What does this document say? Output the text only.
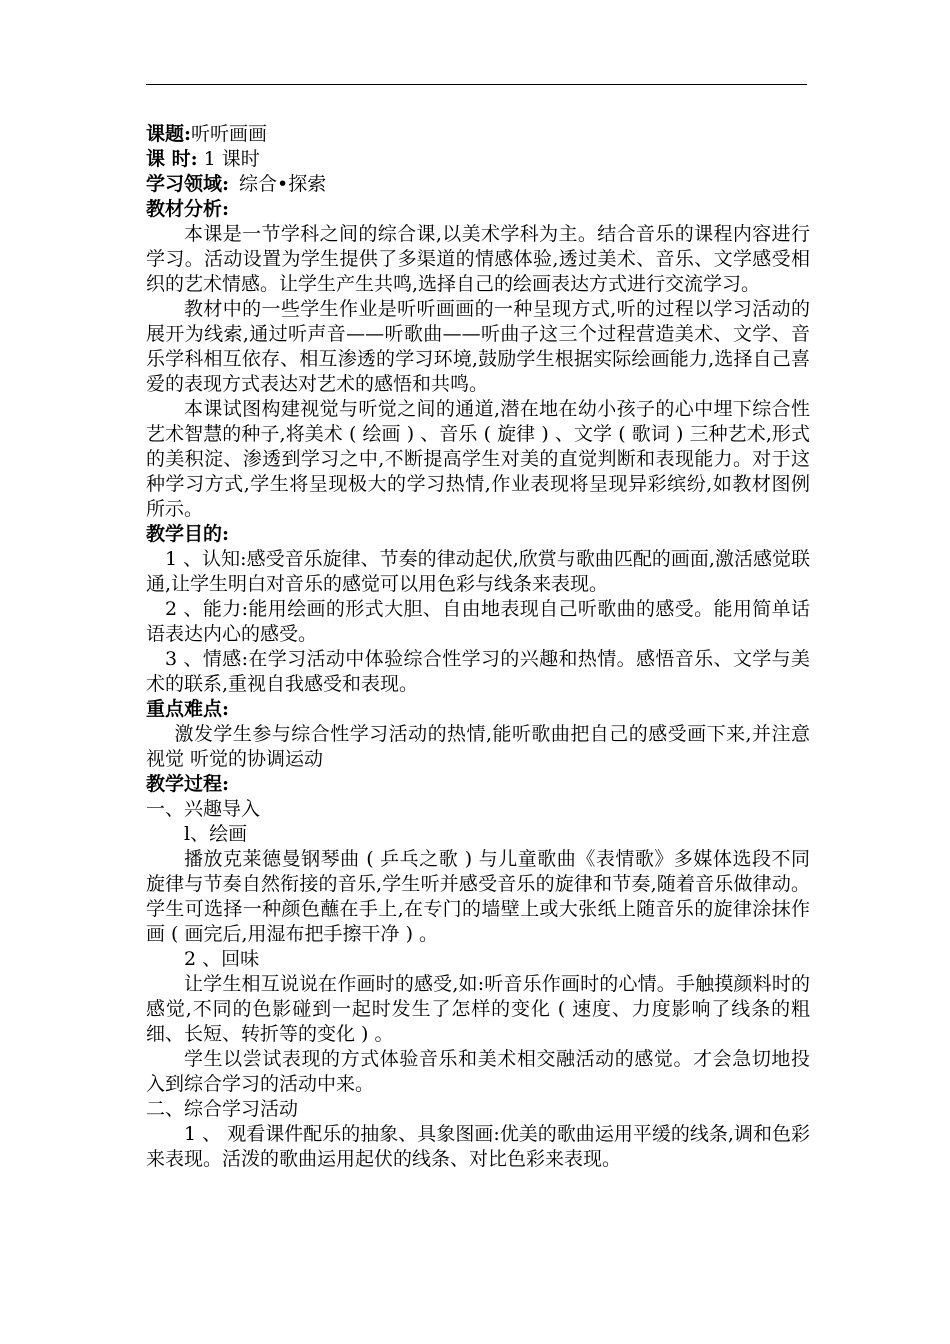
课题:听听画画

课 时: 1 课时

学习领域: 综合•探索

教材分析:

本课是一节学科之间的综合课,以美术学科为主。结合音乐的课程内容进行学习。活动设置为学生提供了多渠道的情感体验,透过美术、音乐、文学感受相织的艺术情感。让学生产生共鸣,选择自己的绘画表达方式进行交流学习。

教材中的一些学生作业是听听画画的一种呈现方式,听的过程以学习活动的展开为线索,通过听声音——听歌曲——听曲子这三个过程营造美术、文学、音乐学科相互依存、相互渗透的学习环境,鼓励学生根据实际绘画能力,选择自己喜爱的表现方式表达对艺术的感悟和共鸣。

本课试图构建视觉与听觉之间的通道,潜在地在幼小孩子的心中埋下综合性艺术智慧的种子,将美术 ( 绘画 ) 、音乐 ( 旋律 ) 、文学 ( 歌词 ) 三种艺术,形式的美积淀、渗透到学习之中,不断提高学生对美的直觉判断和表现能力。对于这种学习方式,学生将呈现极大的学习热情,作业表现将呈现异彩缤纷,如教材图例所示。

教学目的:

1 、认知:感受音乐旋律、节奏的律动起伏,欣赏与歌曲匹配的画面,激活感觉联通,让学生明白对音乐的感觉可以用色彩与线条来表现。

2 、能力:能用绘画的形式大胆、自由地表现自己听歌曲的感受。能用简单话语表达内心的感受。

3 、情感:在学习活动中体验综合性学习的兴趣和热情。感悟音乐、文学与美术的联系,重视自我感受和表现。

重点难点:

激发学生参与综合性学习活动的热情,能听歌曲把自己的感受画下来,并注意视觉 听觉的协调运动

教学过程:

一、兴趣导入

l、绘画

播放克莱德曼钢琴曲 ( 乒乓之歌 ) 与儿童歌曲《表情歌》多媒体选段不同旋律与节奏自然衔接的音乐,学生听并感受音乐的旋律和节奏,随着音乐做律动。学生可选择一种颜色蘸在手上,在专门的墙壁上或大张纸上随音乐的旋律涂抹作画 ( 画完后,用湿布把手擦干净 ) 。

2 、回味

让学生相互说说在作画时的感受,如:听音乐作画时的心情。手触摸颜料时的感觉,不同的色影碰到一起时发生了怎样的变化 ( 速度、力度影响了线条的粗细、长短、转折等的变化 ) 。

学生以尝试表现的方式体验音乐和美术相交融活动的感觉。才会急切地投入到综合学习的活动中来。

二、综合学习活动

1 、 观看课件配乐的抽象、具象图画:优美的歌曲运用平缓的线条,调和色彩来表现。活泼的歌曲运用起伏的线条、对比色彩来表现。
